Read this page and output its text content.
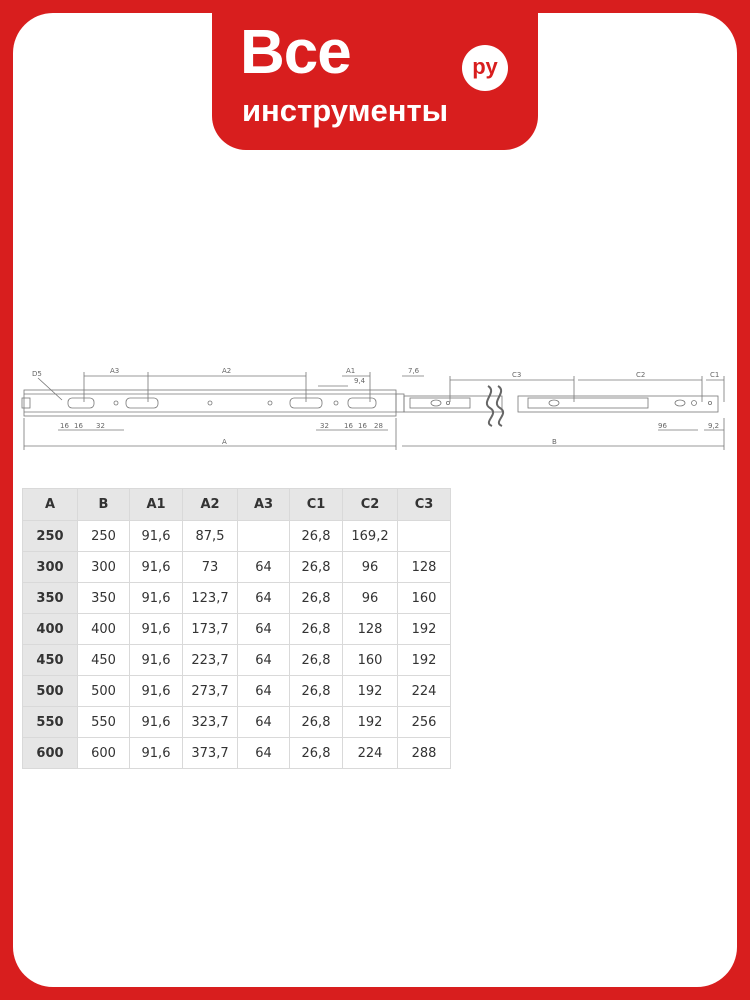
Все
инструменты
ру
D5	A3	A2	A1	7,6	C3	C2	C1
9,4
16 16 32	32 16 16 28	96	9,2
A	B
A	B	A1	A2	A3	C1	C2	C3
250	250	91,6	87,5		26,8	169,2	
300	300	91,6	73	64	26,8	96	128
350	350	91,6	123,7	64	26,8	96	160
400	400	91,6	173,7	64	26,8	128	192
450	450	91,6	223,7	64	26,8	160	192
500	500	91,6	273,7	64	26,8	192	224
550	550	91,6	323,7	64	26,8	192	256
600	600	91,6	373,7	64	26,8	224	288
